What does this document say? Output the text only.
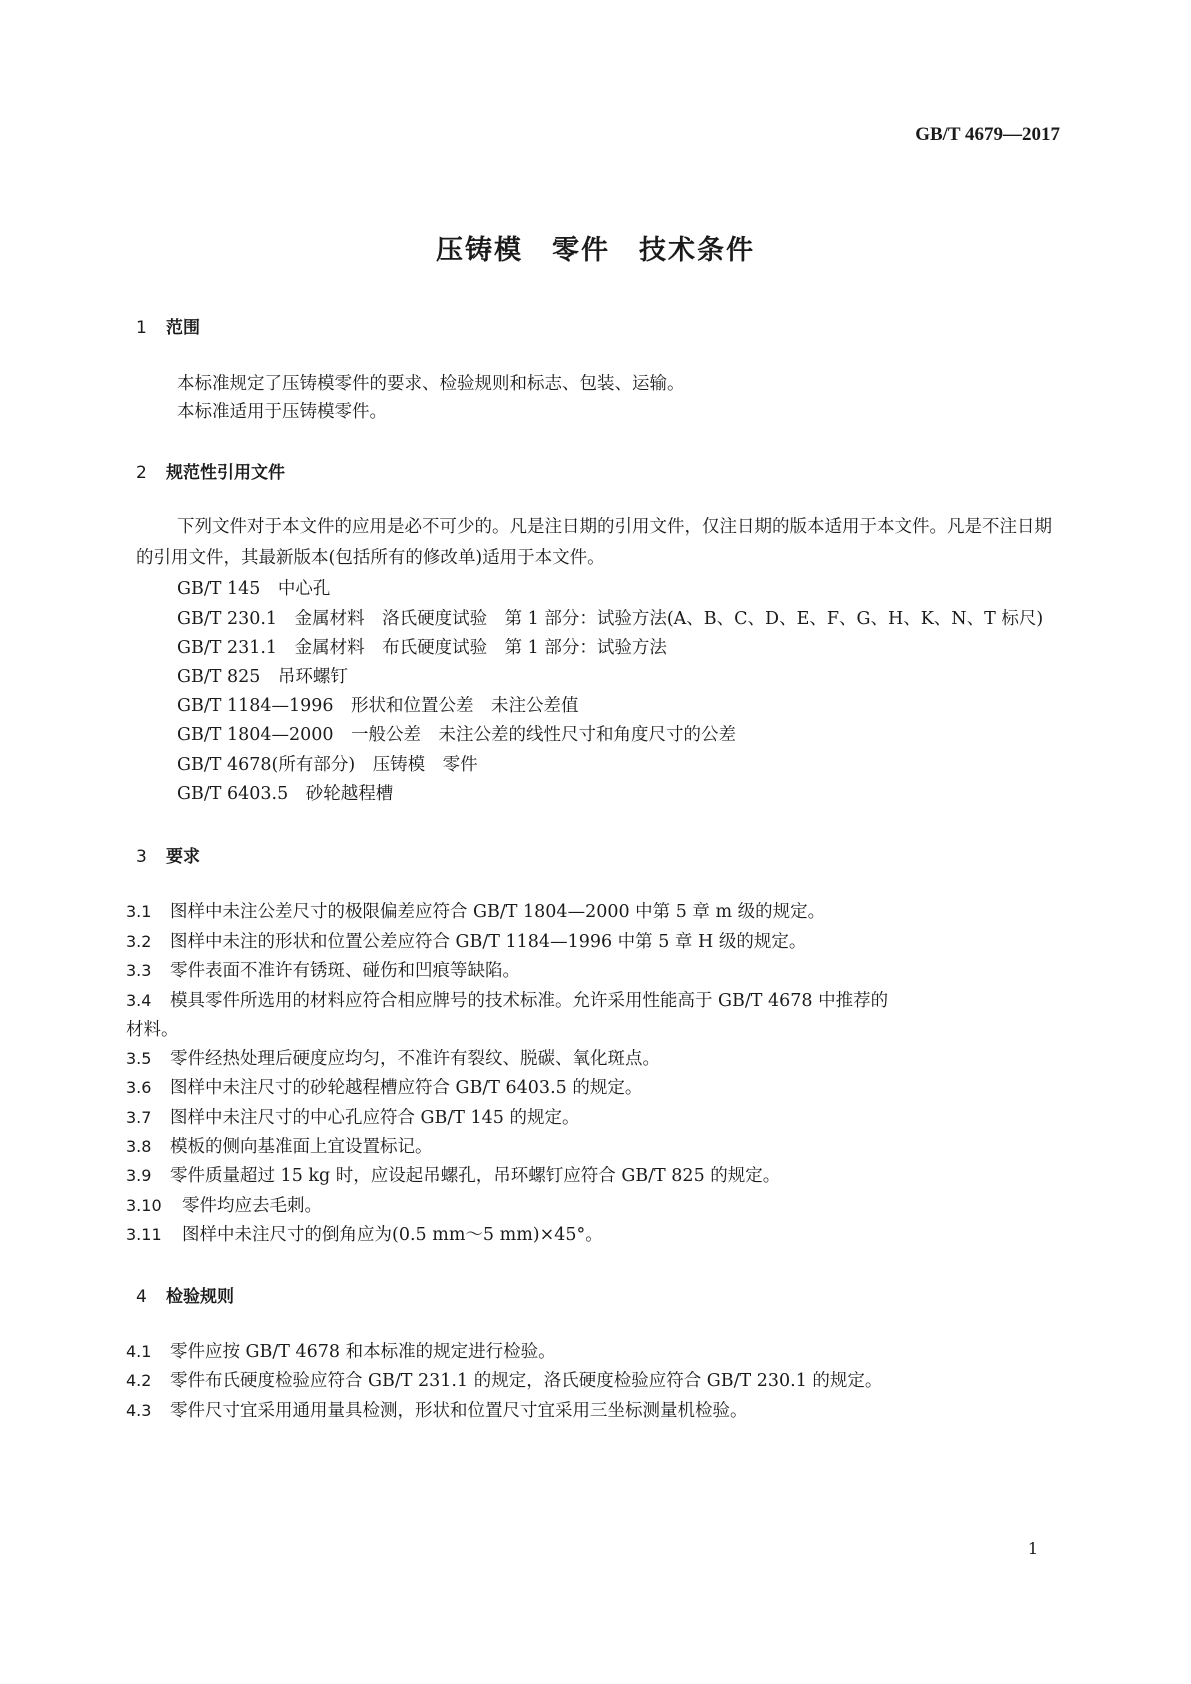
GB/T 4679—2017
压铸模　零件　技术条件
1 范围
本标准规定了压铸模零件的要求、检验规则和标志、包装、运输。
本标准适用于压铸模零件。
2 规范性引用文件
下列文件对于本文件的应用是必不可少的。凡是注日期的引用文件，仅注日期的版本适用于本文件。凡是不注日期的引用文件，其最新版本(包括所有的修改单)适用于本文件。
GB/T 145　中心孔
GB/T 230.1　金属材料　洛氏硬度试验　第 1 部分：试验方法(A、B、C、D、E、F、G、H、K、N、T 标尺)
GB/T 231.1　金属材料　布氏硬度试验　第 1 部分：试验方法
GB/T 825　吊环螺钉
GB/T 1184—1996　形状和位置公差　未注公差值
GB/T 1804—2000　一般公差　未注公差的线性尺寸和角度尺寸的公差
GB/T 4678(所有部分)　压铸模　零件
GB/T 6403.5　砂轮越程槽
3 要求
3.1 图样中未注公差尺寸的极限偏差应符合 GB/T 1804—2000 中第 5 章 m 级的规定。
3.2 图样中未注的形状和位置公差应符合 GB/T 1184—1996 中第 5 章 H 级的规定。
3.3 零件表面不准许有锈斑、碰伤和凹痕等缺陷。
3.4 模具零件所选用的材料应符合相应牌号的技术标准。允许采用性能高于 GB/T 4678 中推荐的
材料。
3.5 零件经热处理后硬度应均匀，不准许有裂纹、脱碳、氧化斑点。
3.6 图样中未注尺寸的砂轮越程槽应符合 GB/T 6403.5 的规定。
3.7 图样中未注尺寸的中心孔应符合 GB/T 145 的规定。
3.8 模板的侧向基准面上宜设置标记。
3.9 零件质量超过 15 kg 时，应设起吊螺孔，吊环螺钉应符合 GB/T 825 的规定。
3.10 零件均应去毛刺。
3.11 图样中未注尺寸的倒角应为(0.5 mm～5 mm)×45°。
4 检验规则
4.1 零件应按 GB/T 4678 和本标准的规定进行检验。
4.2 零件布氏硬度检验应符合 GB/T 231.1 的规定，洛氏硬度检验应符合 GB/T 230.1 的规定。
4.3 零件尺寸宜采用通用量具检测，形状和位置尺寸宜采用三坐标测量机检验。
1
